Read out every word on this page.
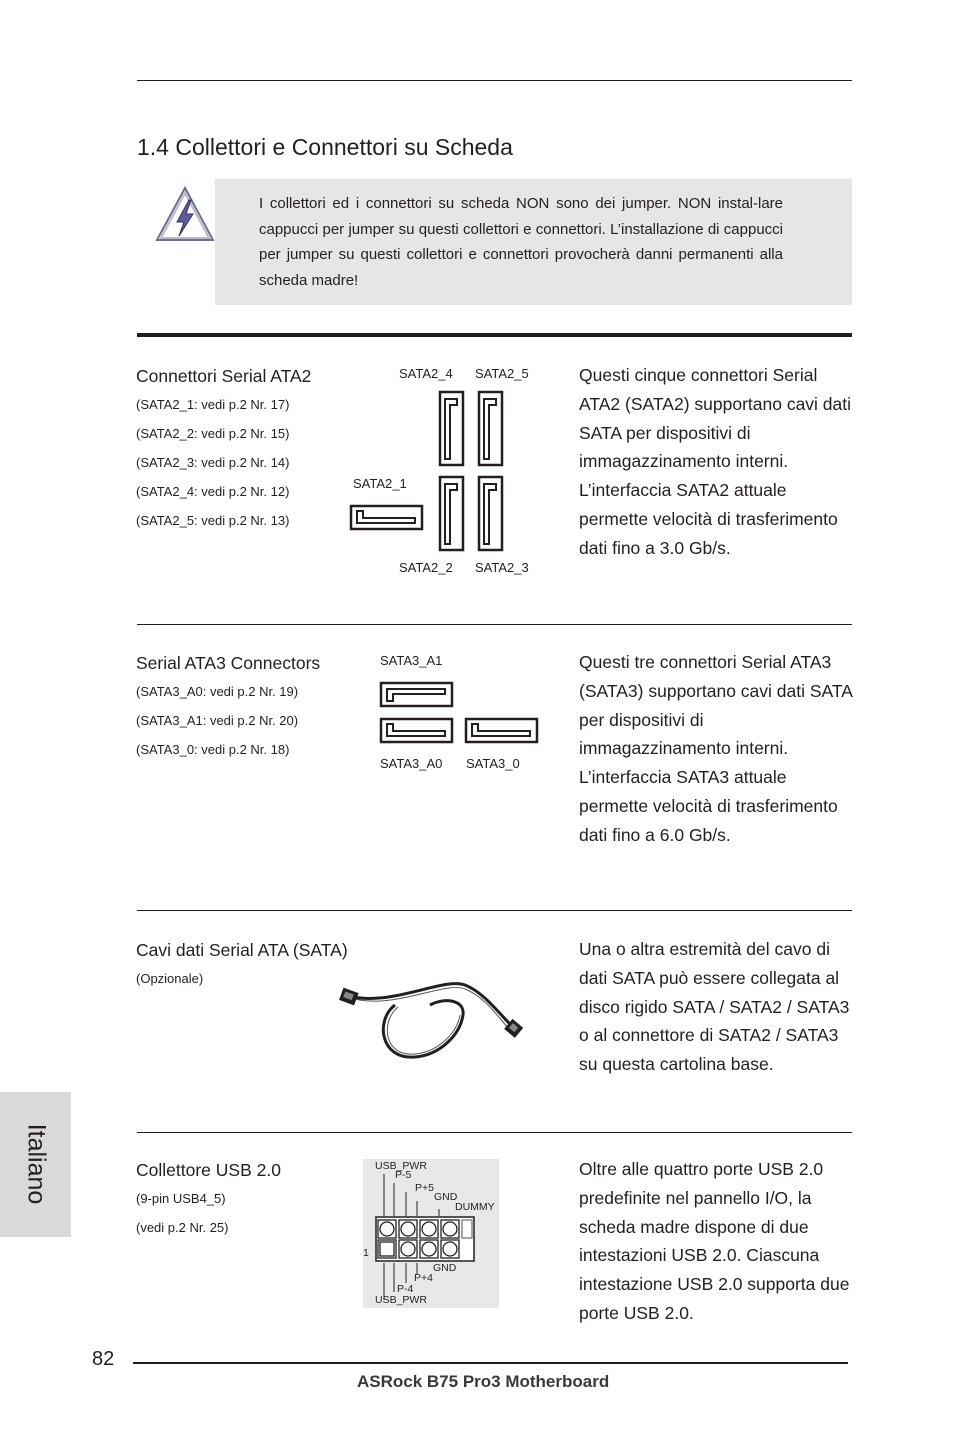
1.4 Collettori e Connettori su Scheda
I collettori ed i connettori su scheda NON sono dei jumper. NON instal-lare cappucci per jumper su questi collettori e connettori. L’installazione di cappucci per jumper su questi collettori e connettori provocherà danni permanenti alla scheda madre!
Connettori Serial ATA2
(SATA2_1: vedi p.2 Nr. 17)
(SATA2_2: vedi p.2 Nr. 15)
(SATA2_3: vedi p.2 Nr. 14)
(SATA2_4: vedi p.2 Nr. 12)
(SATA2_5: vedi p.2 Nr. 13)
SATA2_4 SATA2_5
SATA2_1
SATA2_2 SATA2_3
Questi cinque connettori Serial ATA2 (SATA2) supportano cavi dati SATA per dispositivi di immagazzinamento interni. L’interfaccia SATA2 attuale permette velocità di trasferimento dati fino a 3.0 Gb/s.
Serial ATA3 Connectors
(SATA3_A0: vedi p.2 Nr. 19)
(SATA3_A1: vedi p.2 Nr. 20)
(SATA3_0: vedi p.2 Nr. 18)
SATA3_A1
SATA3_A0 SATA3_0
Questi tre connettori Serial ATA3 (SATA3) supportano cavi dati SATA per dispositivi di immagazzinamento interni. L’interfaccia SATA3 attuale permette velocità di trasferimento dati fino a 6.0 Gb/s.
Cavi dati Serial ATA (SATA)
(Opzionale)
Una o altra estremità del cavo di dati SATA può essere collegata al disco rigido SATA / SATA2 / SATA3 o al connettore di SATA2 / SATA3 su questa cartolina base.
Collettore USB 2.0
(9-pin USB4_5)
(vedi p.2 Nr. 25)
USB_PWR
P-5
P+5
GND
DUMMY
1
GND
P+4
P-4
USB_PWR
Oltre alle quattro porte USB 2.0 predefinite nel pannello I/O, la scheda madre dispone di due intestazioni USB 2.0. Ciascuna intestazione USB 2.0 supporta due porte USB 2.0.
Italiano
82
ASRock B75 Pro3 Motherboard
